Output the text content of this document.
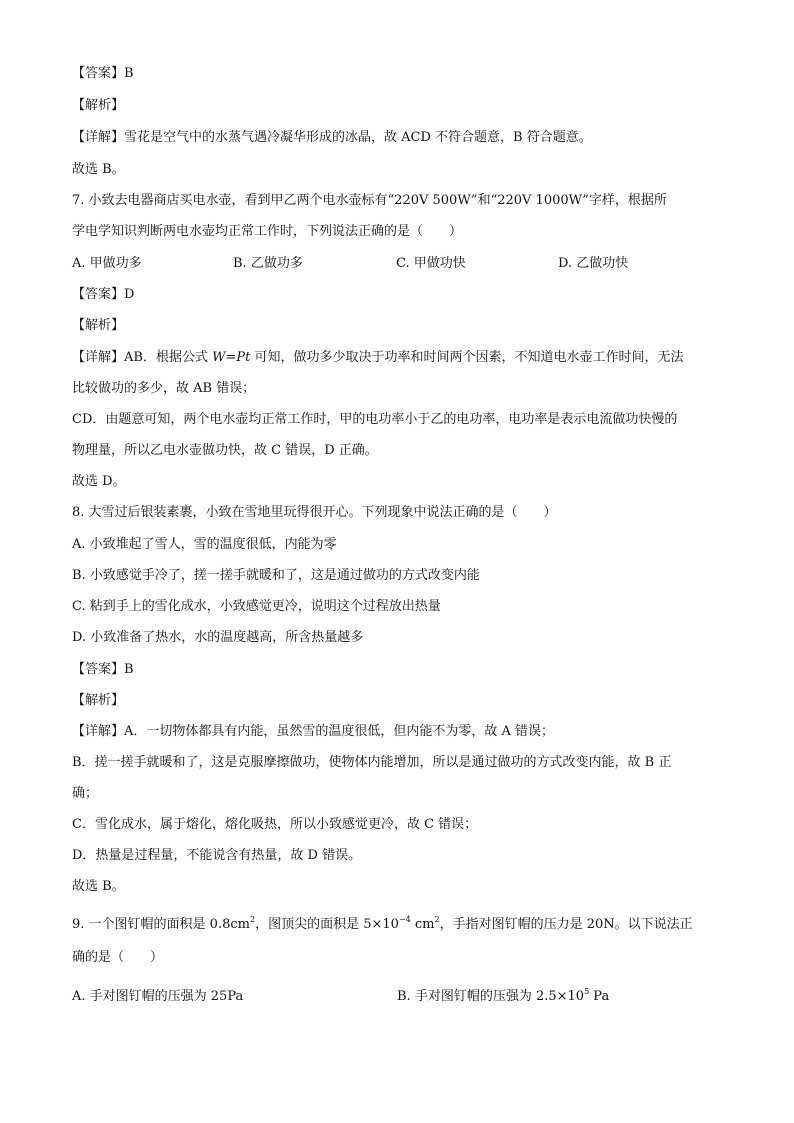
【答案】B
【解析】
【详解】雪花是空气中的水蒸气遇冷凝华形成的冰晶，故 ACD 不符合题意，B 符合题意。
故选 B。
7. 小致去电器商店买电水壶，看到甲乙两个电水壶标有“220V 500W”和“220V 1000W”字样，根据所
学电学知识判断两电水壶均正常工作时，下列说法正确的是（　　）
A. 甲做功多	B. 乙做功多	C. 甲做功快	D. 乙做功快
【答案】D
【解析】
【详解】AB．根据公式 W=Pt 可知，做功多少取决于功率和时间两个因素，不知道电水壶工作时间，无法
比较做功的多少，故 AB 错误；
CD．由题意可知，两个电水壶均正常工作时，甲的电功率小于乙的电功率，电功率是表示电流做功快慢的
物理量，所以乙电水壶做功快，故 C 错误，D 正确。
故选 D。
8. 大雪过后银装素裹，小致在雪地里玩得很开心。下列现象中说法正确的是（　　）
A. 小致堆起了雪人，雪的温度很低，内能为零
B. 小致感觉手冷了，搓一搓手就暖和了，这是通过做功的方式改变内能
C. 粘到手上的雪化成水，小致感觉更冷，说明这个过程放出热量
D. 小致准备了热水，水的温度越高，所含热量越多
【答案】B
【解析】
【详解】A．一切物体都具有内能，虽然雪的温度很低，但内能不为零，故 A 错误；
B．搓一搓手就暖和了，这是克服摩擦做功，使物体内能增加，所以是通过做功的方式改变内能，故 B 正
确；
C．雪化成水，属于熔化，熔化吸热，所以小致感觉更冷，故 C 错误；
D．热量是过程量，不能说含有热量，故 D 错误。
故选 B。
9. 一个图钉帽的面积是 $0.8cm^2$，图顶尖的面积是 $5\times 10^{-4}$ $cm^2$，手指对图钉帽的压力是 20N。以下说法正
确的是（　　）
A. 手对图钉帽的压强为 25Pa	B. 手对图钉帽的压强为 $2.5\times 10^5$ Pa
